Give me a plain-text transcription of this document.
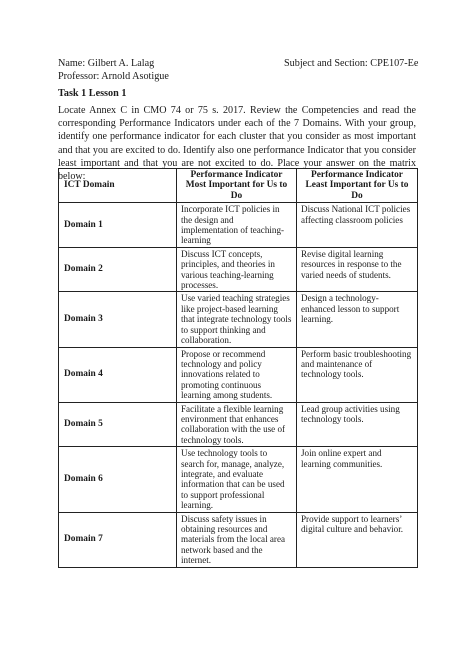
Name: Gilbert A. Lalag	Subject and Section: CPE107-Ee
Professor: Arnold Asotigue
Task 1 Lesson 1
Locate Annex C in CMO 74 or 75 s. 2017. Review the Competencies and read the corresponding Performance Indicators under each of the 7 Domains. With your group, identify one performance indicator for each cluster that you consider as most important and that you are excited to do. Identify also one performance Indicator that you consider least important and that you are not excited to do. Place your answer on the matrix below:
ICT Domain	Performance Indicator Most Important for Us to Do	Performance Indicator Least Important for Us to Do
Domain 1	Incorporate ICT policies in the design and implementation of teaching-learning	Discuss National ICT policies affecting classroom policies
Domain 2	Discuss ICT concepts, principles, and theories in various teaching-learning processes.	Revise digital learning resources in response to the varied needs of students.
Domain 3	Use varied teaching strategies like project-based learning that integrate technology tools to support thinking and collaboration.	Design a technology-enhanced lesson to support learning.
Domain 4	Propose or recommend technology and policy innovations related to promoting continuous learning among students.	Perform basic troubleshooting and maintenance of technology tools.
Domain 5	Facilitate a flexible learning environment that enhances collaboration with the use of technology tools.	Lead group activities using technology tools.
Domain 6	Use technology tools to search for, manage, analyze, integrate, and evaluate information that can be used to support professional learning.	Join online expert and learning communities.
Domain 7	Discuss safety issues in obtaining resources and materials from the local area network based and the internet.	Provide support to learners’ digital culture and behavior.
